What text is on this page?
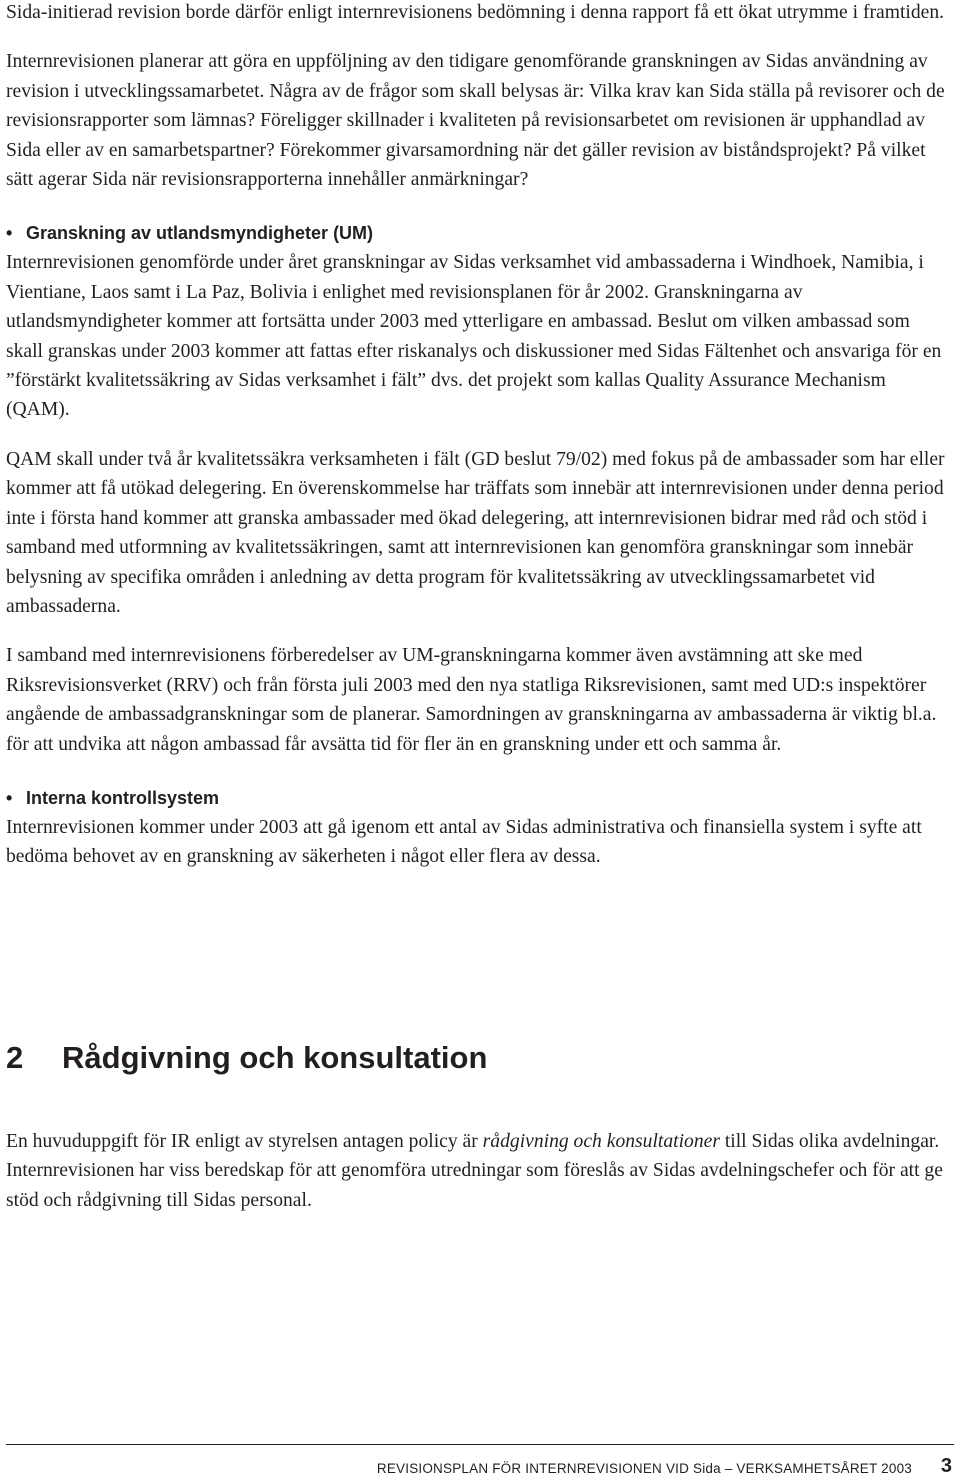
Sida-initierad revision borde därför enligt internrevisionens bedömning i denna rapport få ett ökat utrymme i framtiden.

Internrevisionen planerar att göra en uppföljning av den tidigare genomförande granskningen av Sidas användning av revision i utvecklingssamarbetet. Några av de frågor som skall belysas är: Vilka krav kan Sida ställa på revisorer och de revisionsrapporter som lämnas? Föreligger skillnader i kvaliteten på revisionsarbetet om revisionen är upphandlad av Sida eller av en samarbetspartner? Förekommer givarsamordning när det gäller revision av biståndsprojekt? På vilket sätt agerar Sida när revisionsrapporterna innehåller anmärkningar?

• Granskning av utlandsmyndigheter (UM)

Internrevisionen genomförde under året granskningar av Sidas verksamhet vid ambassaderna i Windhoek, Namibia, i Vientiane, Laos samt i La Paz, Bolivia i enlighet med revisionsplanen för år 2002. Granskningarna av utlandsmyndigheter kommer att fortsätta under 2003 med ytterligare en ambassad. Beslut om vilken ambassad som skall granskas under 2003 kommer att fattas efter riskanalys och diskussioner med Sidas Fältenhet och ansvariga för en ”förstärkt kvalitetssäkring av Sidas verksamhet i fält” dvs. det projekt som kallas Quality Assurance Mechanism (QAM).

QAM skall under två år kvalitetssäkra verksamheten i fält (GD beslut 79/02) med fokus på de ambassader som har eller kommer att få utökad delegering. En överenskommelse har träffats som innebär att internrevisionen under denna period inte i första hand kommer att granska ambassader med ökad delegering, att internrevisionen bidrar med råd och stöd i samband med utformning av kvalitetssäkringen, samt att internrevisionen kan genomföra granskningar som innebär belysning av specifika områden i anledning av detta program för kvalitetssäkring av utvecklingssamarbetet vid ambassaderna.

I samband med internrevisionens förberedelser av UM-granskningarna kommer även avstämning att ske med Riksrevisionsverket (RRV) och från första juli 2003 med den nya statliga Riksrevisionen, samt med UD:s inspektörer angående de ambassadgranskningar som de planerar. Samordningen av granskningarna av ambassaderna är viktig bl.a. för att undvika att någon ambassad får avsätta tid för fler än en granskning under ett och samma år.

• Interna kontrollsystem

Internrevisionen kommer under 2003 att gå igenom ett antal av Sidas administrativa och finansiella system i syfte att bedöma behovet av en granskning av säkerheten i något eller flera av dessa.

2	Rådgivning och konsultation

En huvuduppgift för IR enligt av styrelsen antagen policy är rådgivning och konsultationer till Sidas olika avdelningar. Internrevisionen har viss beredskap för att genomföra utredningar som föreslås av Sidas avdelningschefer och för att ge stöd och rådgivning till Sidas personal.

REVISIONSPLAN FÖR INTERNREVISIONEN VID Sida – VERKSAMHETSÅRET 2003 3
